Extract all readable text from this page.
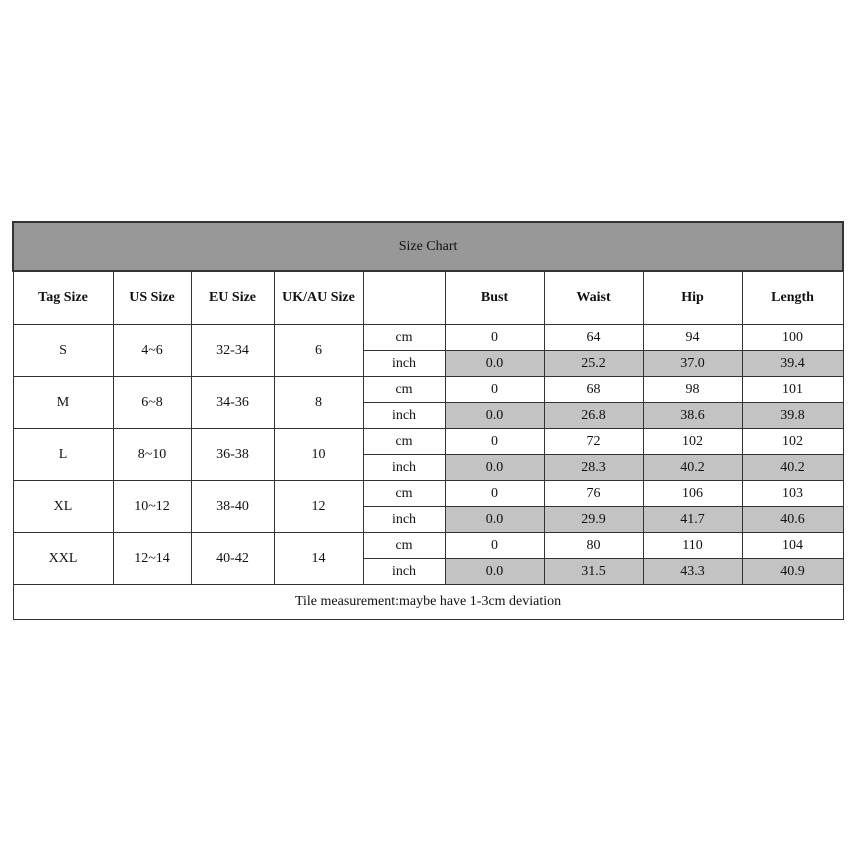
Size Chart								
Tag Size	US Size	EU Size	UK/AU Size		Bust	Waist	Hip	Length
S	4~6	32-34	6	cm	0	64	94	100
				inch	0.0	25.2	37.0	39.4
M	6~8	34-36	8	cm	0	68	98	101
				inch	0.0	26.8	38.6	39.8
L	8~10	36-38	10	cm	0	72	102	102
				inch	0.0	28.3	40.2	40.2
XL	10~12	38-40	12	cm	0	76	106	103
				inch	0.0	29.9	41.7	40.6
XXL	12~14	40-42	14	cm	0	80	110	104
				inch	0.0	31.5	43.3	40.9
Tile measurement:maybe have 1-3cm deviation								
